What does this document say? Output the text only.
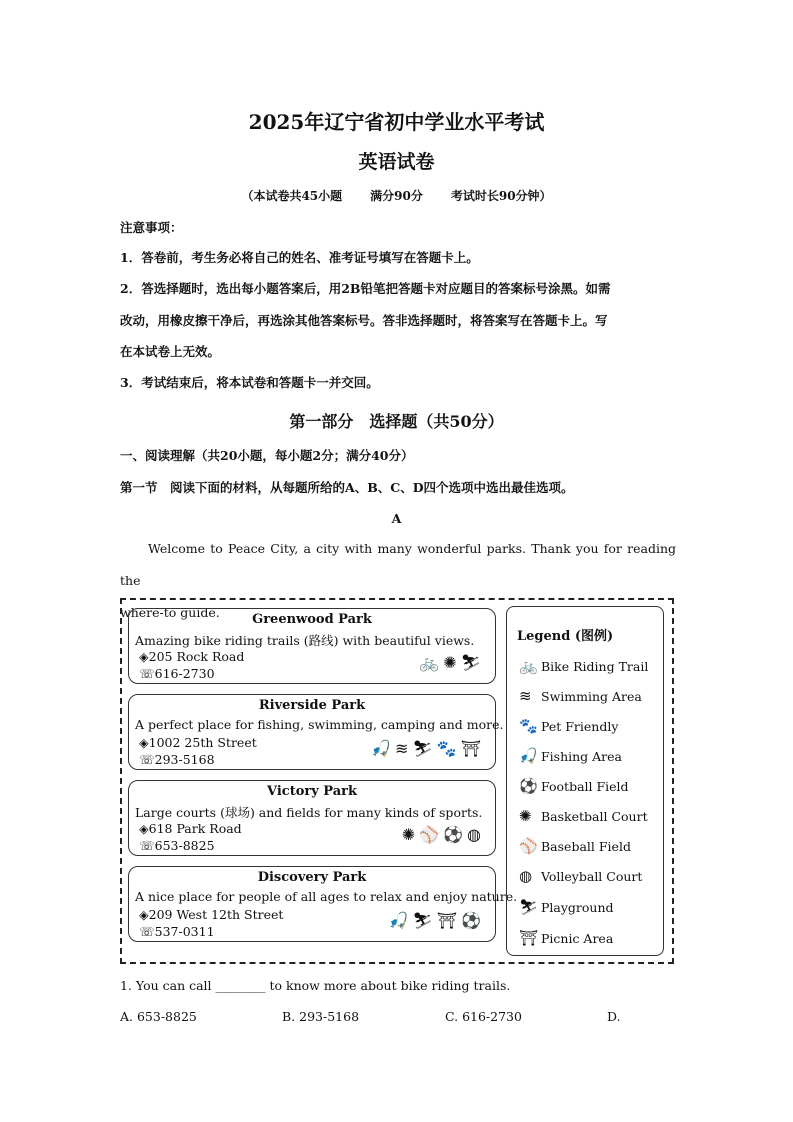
2025年辽宁省初中学业水平考试
英语试卷
（本试卷共45小题 满分90分 考试时长90分钟）
注意事项：
1．答卷前，考生务必将自己的姓名、准考证号填写在答题卡上。
2．答选择题时，选出每小题答案后，用2B铅笔把答题卡对应题目的答案标号涂黑。如需
改动，用橡皮擦干净后，再选涂其他答案标号。答非选择题时，将答案写在答题卡上。写
在本试卷上无效。
3．考试结束后，将本试卷和答题卡一并交回。
第一部分　选择题（共50分）
一、阅读理解（共20小题，每小题2分；满分40分）
第一节　阅读下面的材料，从每题所给的A、B、C、D四个选项中选出最佳选项。
A
Welcome to Peace City, a city with many wonderful parks. Thank you for reading the
where-to guide.	Greenwood Park
Amazing bike riding trails (路线) with beautiful views.
◈205 Rock Road
☏616-2730
🚲 ✺ ⛷
Riverside Park
A perfect place for fishing, swimming, camping and more.
◈1002 25th Street
☏293-5168
🎣 ≋ ⛷ 🐾 ⛩
Victory Park
Large courts (球场) and fields for many kinds of sports.
◈618 Park Road
☏653-8825
✺ ⚾ ⚽ ◍
Discovery Park
A nice place for people of all ages to relax and enjoy nature.
◈209 West 12th Street
☏537-0311
🎣 ⛷ ⛩ ⚽
Legend (图例)
🚲 Bike Riding Trail
≋ Swimming Area
🐾 Pet Friendly
🎣 Fishing Area
⚽ Football Field
✺ Basketball Court
⚾ Baseball Field
◍ Volleyball Court
⛷ Playground
⛩ Picnic Area
1. You can call ________ to know more about bike riding trails.
A. 653-8825	B. 293-5168	C. 616-2730	D.
